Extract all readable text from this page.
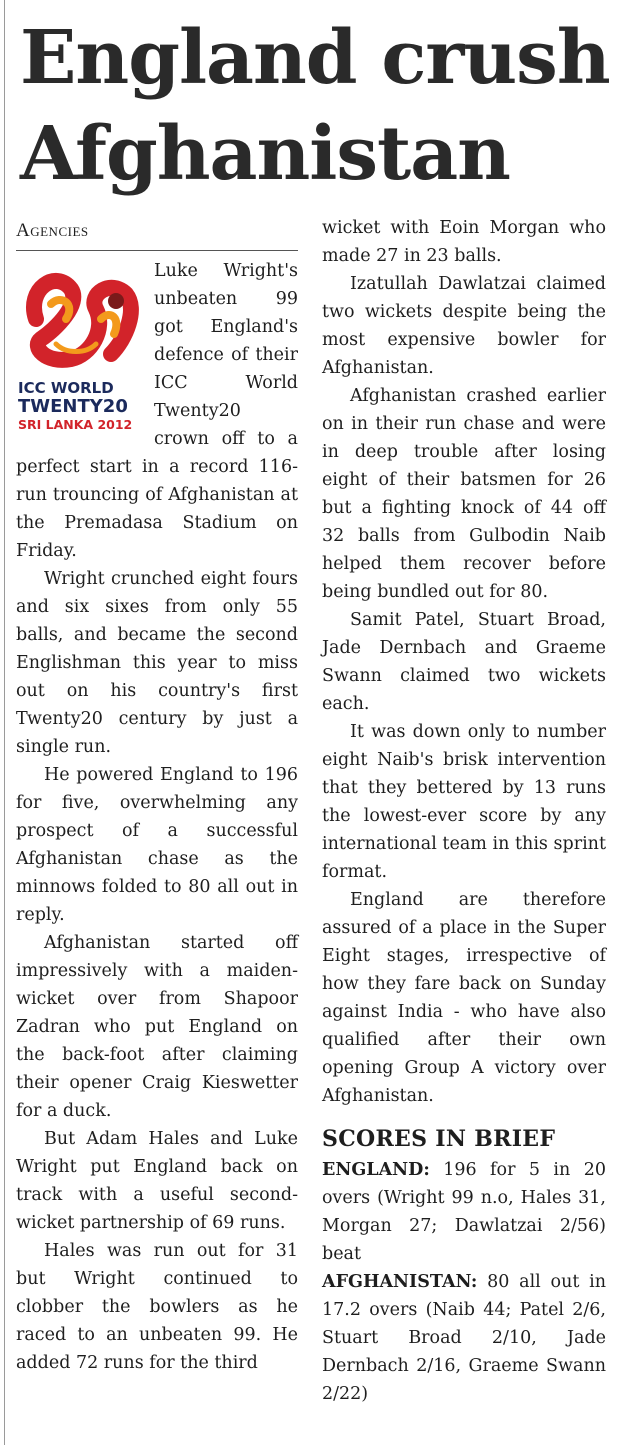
England crush
Afghanistan
Agencies
ICC WORLD
TWENTY20
SRI LANKA 2012

Luke Wright's unbeaten 99 got England's defence of their ICC World Twenty20 crown off to a perfect start in a record 116-run trouncing of Afghanistan at the Premadasa Stadium on Friday.

Wright crunched eight fours and six sixes from only 55 balls, and became the second Englishman this year to miss out on his country's first Twenty20 century by just a single run.

He powered England to 196 for five, overwhelming any prospect of a successful Afghanistan chase as the minnows folded to 80 all out in reply.

Afghanistan started off impressively with a maiden-wicket over from Shapoor Zadran who put England on the back-foot after claiming their opener Craig Kieswetter for a duck.

But Adam Hales and Luke Wright put England back on track with a useful second-wicket partnership of 69 runs.

Hales was run out for 31 but Wright continued to clobber the bowlers as he raced to an unbeaten 99. He added 72 runs for the third

wicket with Eoin Morgan who made 27 in 23 balls.

Izatullah Dawlatzai claimed two wickets despite being the most expensive bowler for Afghanistan.

Afghanistan crashed earlier on in their run chase and were in deep trouble after losing eight of their batsmen for 26 but a fighting knock of 44 off 32 balls from Gulbodin Naib helped them recover before being bundled out for 80.

Samit Patel, Stuart Broad, Jade Dernbach and Graeme Swann claimed two wickets each.

It was down only to number eight Naib's brisk intervention that they bettered by 13 runs the lowest-ever score by any international team in this sprint format.

England are therefore assured of a place in the Super Eight stages, irrespective of how they fare back on Sunday against India - who have also qualified after their own opening Group A victory over Afghanistan.

SCORES IN BRIEF

ENGLAND: 196 for 5 in 20 overs (Wright 99 n.o, Hales 31, Morgan 27; Dawlatzai 2/56) beat

AFGHANISTAN: 80 all out in 17.2 overs (Naib 44; Patel 2/6, Stuart Broad 2/10, Jade Dernbach 2/16, Graeme Swann 2/22)
